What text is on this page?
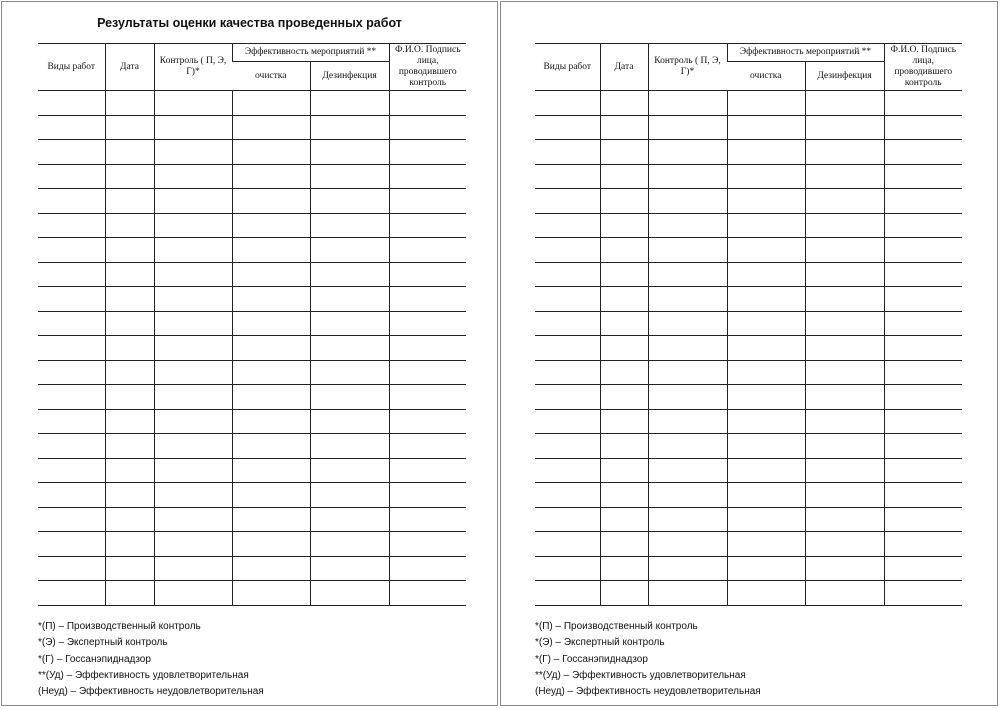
Результаты оценки качества проведенных работ
Виды работ	Дата	Контроль ( П, Э, Г)*	Эффективность мероприятий **		Ф.И.О. Подпись лица, проводившего контроль
			очистка	Дезинфекция	

*(П) – Производственный контроль
*(Э) – Экспертный контроль
*(Г) – Госсанэпиднадзор
**(Уд) – Эффективность удовлетворительная
(Неуд) – Эффективность неудовлетворительная
Виды работ	Дата	Контроль ( П, Э, Г)*	Эффективность мероприятий **		Ф.И.О. Подпись лица, проводившего контроль
			очистка	Дезинфекция	

*(П) – Производственный контроль
*(Э) – Экспертный контроль
*(Г) – Госсанэпиднадзор
**(Уд) – Эффективность удовлетворительная
(Неуд) – Эффективность неудовлетворительная
